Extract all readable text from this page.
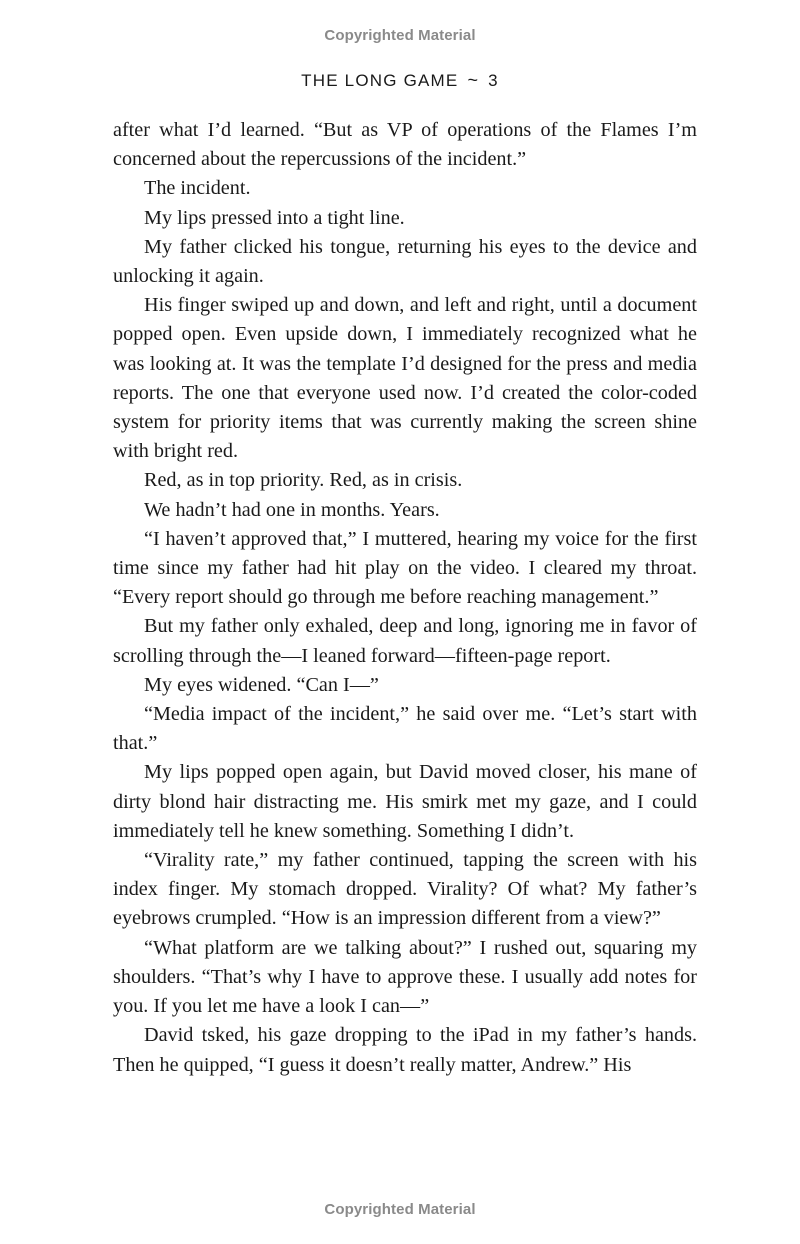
Copyrighted Material
THE LONG GAME ~ 3

after what I’d learned. “But as VP of operations of the Flames I’m concerned about the repercussions of the incident.”

The incident.

My lips pressed into a tight line.

My father clicked his tongue, returning his eyes to the device and unlocking it again.

His finger swiped up and down, and left and right, until a document popped open. Even upside down, I immediately recognized what he was looking at. It was the template I’d designed for the press and media reports. The one that everyone used now. I’d created the color-coded system for priority items that was currently making the screen shine with bright red.

Red, as in top priority. Red, as in crisis.

We hadn’t had one in months. Years.

“I haven’t approved that,” I muttered, hearing my voice for the first time since my father had hit play on the video. I cleared my throat. “Every report should go through me before reaching management.”

But my father only exhaled, deep and long, ignoring me in favor of scrolling through the—I leaned forward—fifteen-page report.

My eyes widened. “Can I—”

“Media impact of the incident,” he said over me. “Let’s start with that.”

My lips popped open again, but David moved closer, his mane of dirty blond hair distracting me. His smirk met my gaze, and I could immediately tell he knew something. Something I didn’t.

“Virality rate,” my father continued, tapping the screen with his index finger. My stomach dropped. Virality? Of what? My father’s eyebrows crumpled. “How is an impression different from a view?”

“What platform are we talking about?” I rushed out, squaring my shoulders. “That’s why I have to approve these. I usually add notes for you. If you let me have a look I can—”

David tsked, his gaze dropping to the iPad in my father’s hands. Then he quipped, “I guess it doesn’t really matter, Andrew.” His

Copyrighted Material
